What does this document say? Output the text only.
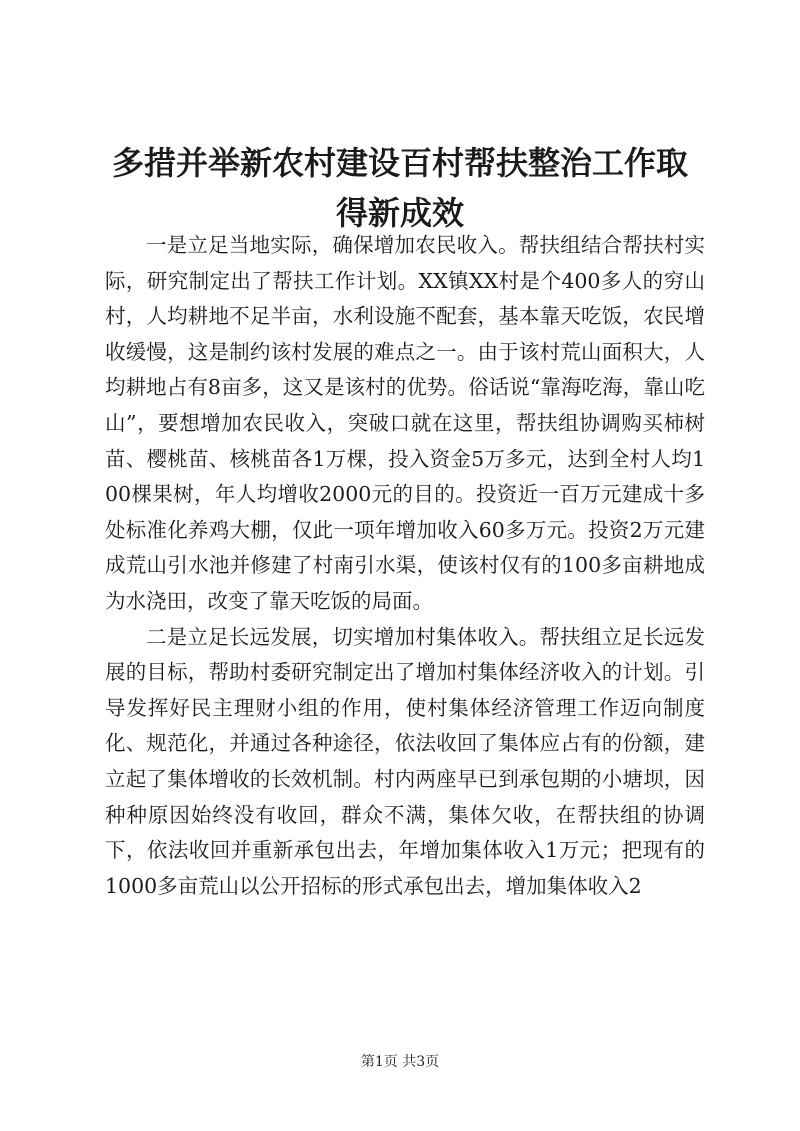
多措并举新农村建设百村帮扶整治工作取得新成效

一是立足当地实际，确保增加农民收入。帮扶组结合帮扶村实际，研究制定出了帮扶工作计划。XX镇XX村是个400多人的穷山村，人均耕地不足半亩，水利设施不配套，基本靠天吃饭，农民增收缓慢，这是制约该村发展的难点之一。由于该村荒山面积大，人均耕地占有8亩多，这又是该村的优势。俗话说“靠海吃海，靠山吃山”，要想增加农民收入，突破口就在这里，帮扶组协调购买柿树苗、樱桃苗、核桃苗各1万棵，投入资金5万多元，达到全村人均100棵果树，年人均增收2000元的目的。投资近一百万元建成十多处标准化养鸡大棚，仅此一项年增加收入60多万元。投资2万元建成荒山引水池并修建了村南引水渠，使该村仅有的100多亩耕地成为水浇田，改变了靠天吃饭的局面。

二是立足长远发展，切实增加村集体收入。帮扶组立足长远发展的目标，帮助村委研究制定出了增加村集体经济收入的计划。引导发挥好民主理财小组的作用，使村集体经济管理工作迈向制度化、规范化，并通过各种途径，依法收回了集体应占有的份额，建立起了集体增收的长效机制。村内两座早已到承包期的小塘坝，因种种原因始终没有收回，群众不满，集体欠收，在帮扶组的协调下，依法收回并重新承包出去，年增加集体收入1万元；把现有的1000多亩荒山以公开招标的形式承包出去，增加集体收入2

第1页 共3页
